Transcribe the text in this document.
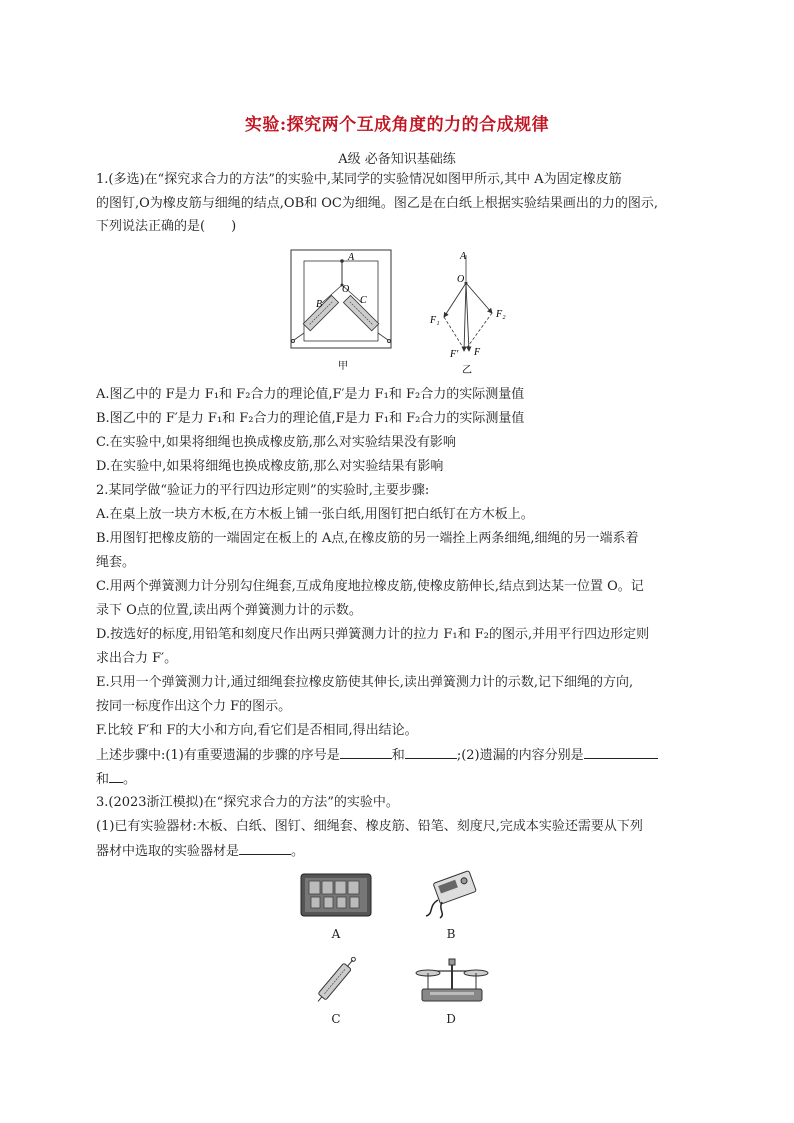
实验:探究两个互成角度的力的合成规律
A级 必备知识基础练
1.(多选)在“探究求合力的方法”的实验中,某同学的实验情况如图甲所示,其中 A为固定橡皮筋
的图钉,O为橡皮筋与细绳的结点,OB和 OC为细绳。图乙是在白纸上根据实验结果画出的力的图示,
下列说法正确的是(　　)
A
O
B	C
甲
A
O
F₁
F₂
F′ F
乙
A.图乙中的 F是力 F₁和 F₂合力的理论值,F′是力 F₁和 F₂合力的实际测量值
B.图乙中的 F′是力 F₁和 F₂合力的理论值,F是力 F₁和 F₂合力的实际测量值
C.在实验中,如果将细绳也换成橡皮筋,那么对实验结果没有影响
D.在实验中,如果将细绳也换成橡皮筋,那么对实验结果有影响
2.某同学做“验证力的平行四边形定则”的实验时,主要步骤:
A.在桌上放一块方木板,在方木板上铺一张白纸,用图钉把白纸钉在方木板上。
B.用图钉把橡皮筋的一端固定在板上的 A点,在橡皮筋的另一端拴上两条细绳,细绳的另一端系着
绳套。
C.用两个弹簧测力计分别勾住绳套,互成角度地拉橡皮筋,使橡皮筋伸长,结点到达某一位置 O。记
录下 O点的位置,读出两个弹簧测力计的示数。
D.按选好的标度,用铅笔和刻度尺作出两只弹簧测力计的拉力 F₁和 F₂的图示,并用平行四边形定则
求出合力 F′。
E.只用一个弹簧测力计,通过细绳套拉橡皮筋使其伸长,读出弹簧测力计的示数,记下细绳的方向,
按同一标度作出这个力 F的图示。
F.比较 F′和 F的大小和方向,看它们是否相同,得出结论。
上述步骤中:(1)有重要遗漏的步骤的序号是	和	;(2)遗漏的内容分别是
和 。
3.(2023浙江模拟)在“探究求合力的方法”的实验中。
(1)已有实验器材:木板、白纸、图钉、细绳套、橡皮筋、铅笔、刻度尺,完成本实验还需要从下列
器材中选取的实验器材是	。
A	B
C	D
